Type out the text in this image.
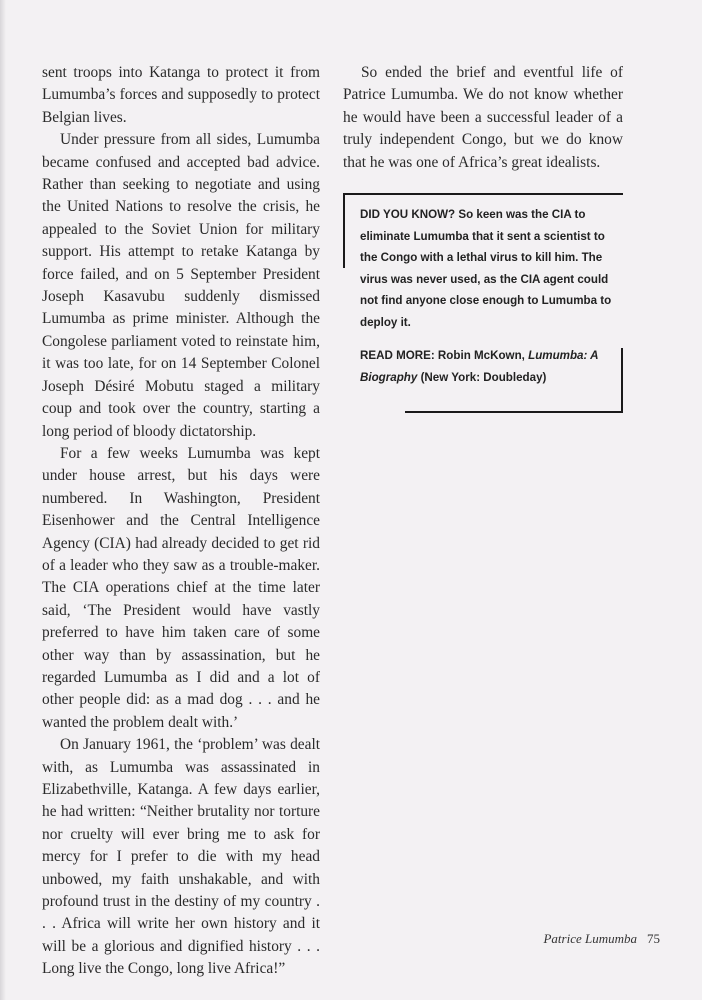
sent troops into Katanga to protect it from Lumumba’s forces and supposedly to protect Belgian lives.

Under pressure from all sides, Lumumba became confused and accepted bad advice. Rather than seeking to negotiate and using the United Nations to resolve the crisis, he appealed to the Soviet Union for military support. His attempt to retake Katanga by force failed, and on 5 September President Joseph Kasavubu suddenly dismissed Lumumba as prime minister. Although the Congolese parliament voted to reinstate him, it was too late, for on 14 September Colonel Joseph Désiré Mobutu staged a military coup and took over the country, starting a long period of bloody dictatorship.

For a few weeks Lumumba was kept under house arrest, but his days were numbered. In Washington, President Eisenhower and the Central Intelligence Agency (CIA) had already decided to get rid of a leader who they saw as a trouble-maker. The CIA operations chief at the time later said, ‘The President would have vastly preferred to have him taken care of some other way than by assassination, but he regarded Lumumba as I did and a lot of other people did: as a mad dog . . . and he wanted the problem dealt with.’

On January 1961, the ‘problem’ was dealt with, as Lumumba was assassinated in Elizabethville, Katanga. A few days earlier, he had written: “Neither brutality nor torture nor cruelty will ever bring me to ask for mercy for I prefer to die with my head unbowed, my faith unshakable, and with profound trust in the destiny of my country . . . Africa will write her own history and it will be a glorious and dignified history . . . Long live the Congo, long live Africa!”

So ended the brief and eventful life of Patrice Lumumba. We do not know whether he would have been a successful leader of a truly independent Congo, but we do know that he was one of Africa’s great idealists.

DID YOU KNOW? So keen was the CIA to eliminate Lumumba that it sent a scientist to the Congo with a lethal virus to kill him. The virus was never used, as the CIA agent could not find anyone close enough to Lumumba to deploy it.

READ MORE: Robin McKown, Lumumba: A Biography (New York: Doubleday)

Patrice Lumumba 75
